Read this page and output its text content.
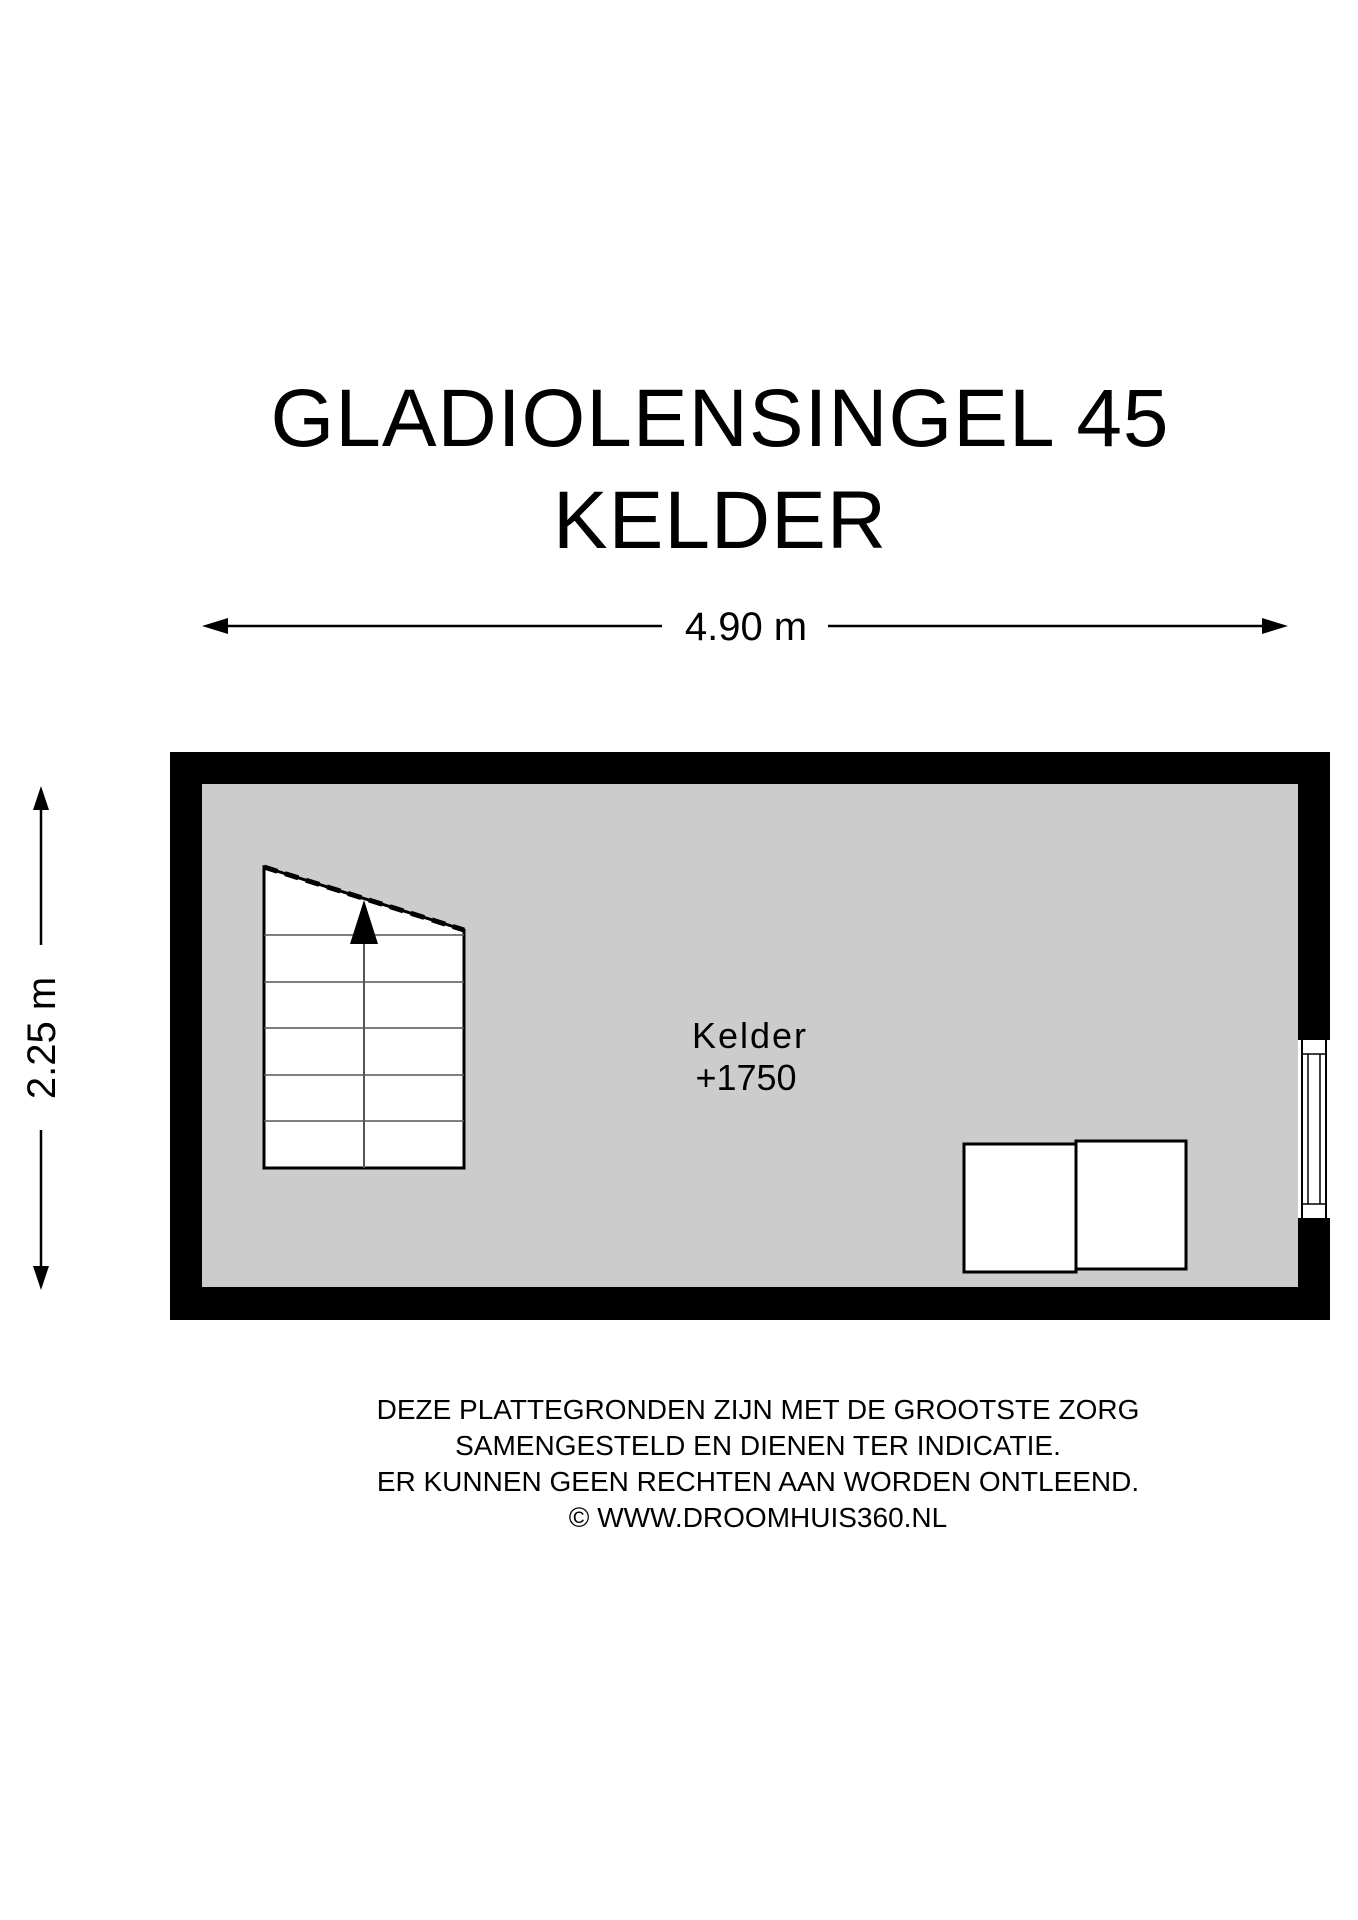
GLADIOLENSINGEL 45
KELDER
4.90 m
2.25 m	Kelder
+1750
DEZE PLATTEGRONDEN ZIJN MET DE GROOTSTE ZORG
SAMENGESTELD EN DIENEN TER INDICATIE.
ER KUNNEN GEEN RECHTEN AAN WORDEN ONTLEEND.
© WWW.DROOMHUIS360.NL
